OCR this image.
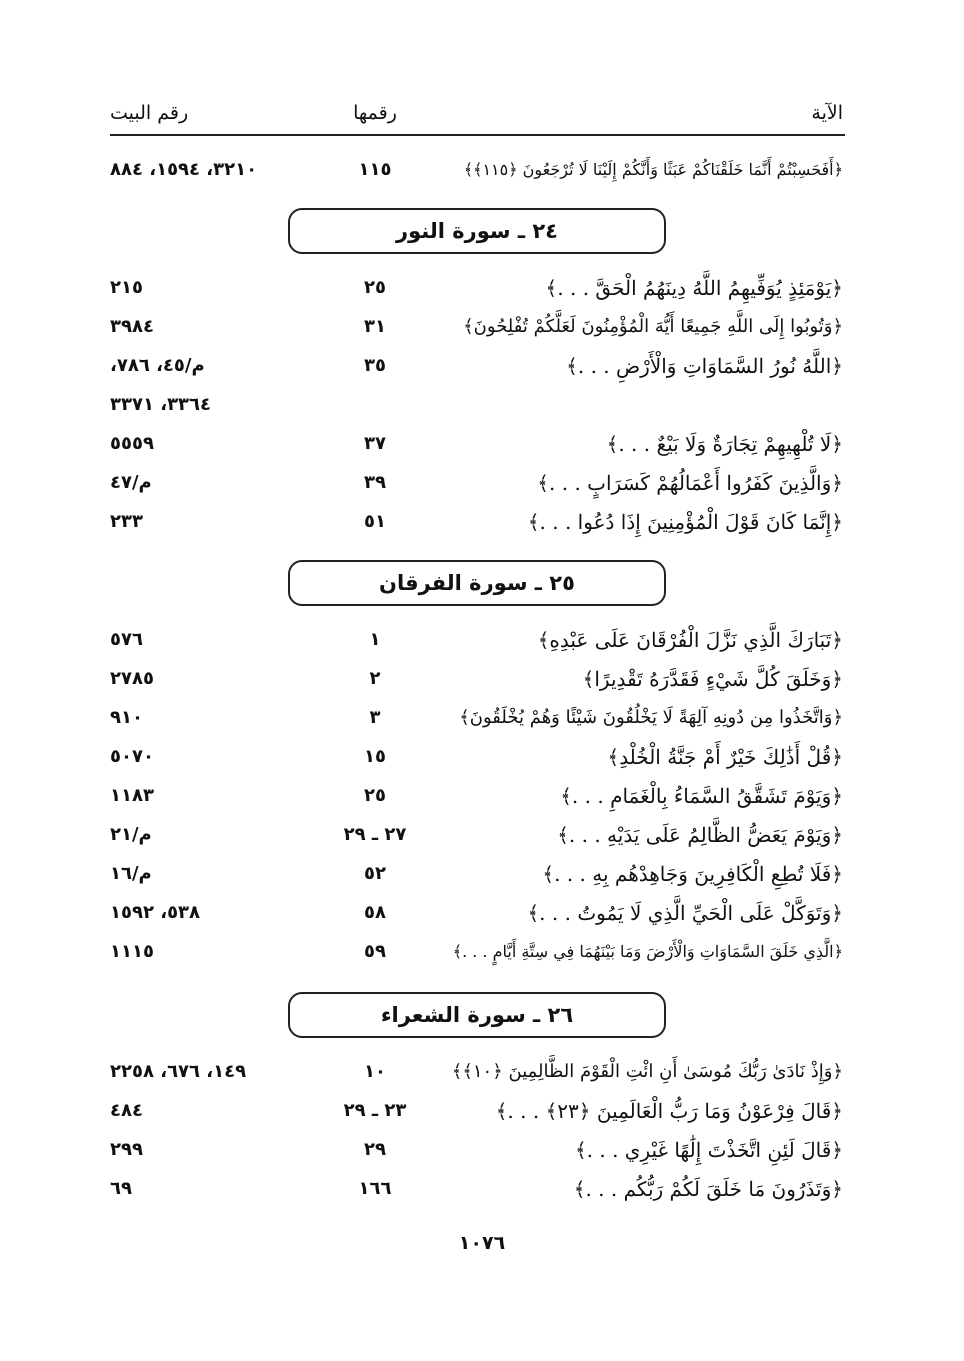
الآية
رقمها
رقم البيت
﴿أَفَحَسِبْتُمْ أَنَّمَا خَلَقْنَاكُمْ عَبَثًا وَأَنَّكُمْ إِلَيْنَا لَا تُرْجَعُونَ ﴿١١٥﴾﴾
١١٥
٣٢١٠، ١٥٩٤، ٨٨٤
٢٤ ـ سورة النور
﴿يَوْمَئِذٍ يُوَفِّيهِمُ اللَّهُ دِينَهُمُ الْحَقَّ . . .﴾
٢٥
٢١٥
﴿وَتُوبُوا إِلَى اللَّهِ جَمِيعًا أَيُّهَ الْمُؤْمِنُونَ لَعَلَّكُمْ تُفْلِحُونَ﴾
٣١
٣٩٨٤
﴿اللَّهُ نُورُ السَّمَاوَاتِ وَالْأَرْضِ . . .﴾
٣٥
م/٤٥، ٧٨٦،
٣٣٦٤، ٣٣٧١
﴿لَا تُلْهِيهِمْ تِجَارَةٌ وَلَا بَيْعٌ . . .﴾
٣٧
٥٥٥٩
﴿وَالَّذِينَ كَفَرُوا أَعْمَالُهُمْ كَسَرَابٍ . . .﴾
٣٩
م/٤٧
﴿إِنَّمَا كَانَ قَوْلَ الْمُؤْمِنِينَ إِذَا دُعُوا . . .﴾
٥١
٢٣٣
٢٥ ـ سورة الفرقان
﴿تَبَارَكَ الَّذِي نَزَّلَ الْفُرْقَانَ عَلَى عَبْدِهِ﴾
١
٥٧٦
﴿وَخَلَقَ كُلَّ شَيْءٍ فَقَدَّرَهُ تَقْدِيرًا﴾
٢
٢٧٨٥
﴿وَاتَّخَذُوا مِن دُونِهِ آلِهَةً لَا يَخْلُقُونَ شَيْئًا وَهُمْ يُخْلَقُونَ﴾
٣
٩١٠
﴿قُلْ أَذَٰلِكَ خَيْرٌ أَمْ جَنَّةُ الْخُلْدِ﴾
١٥
٥٠٧٠
﴿وَيَوْمَ تَشَقَّقُ السَّمَاءُ بِالْغَمَامِ . . .﴾
٢٥
١١٨٣
﴿وَيَوْمَ يَعَضُّ الظَّالِمُ عَلَى يَدَيْهِ . . .﴾
٢٧ ـ ٢٩
م/٢١
﴿فَلَا تُطِعِ الْكَافِرِينَ وَجَاهِدْهُم بِهِ . . .﴾
٥٢
م/١٦
﴿وَتَوَكَّلْ عَلَى الْحَيِّ الَّذِي لَا يَمُوتُ . . .﴾
٥٨
٥٣٨، ١٥٩٢
﴿الَّذِي خَلَقَ السَّمَاوَاتِ وَالْأَرْضَ وَمَا بَيْنَهُمَا فِي سِتَّةِ أَيَّامٍ . . .﴾
٥٩
١١١٥
٢٦ ـ سورة الشعراء
﴿وَإِذْ نَادَىٰ رَبُّكَ مُوسَىٰ أَنِ ائْتِ الْقَوْمَ الظَّالِمِينَ ﴿١٠﴾﴾
١٠
١٤٩، ٦٧٦، ٢٢٥٨
﴿قَالَ فِرْعَوْنُ وَمَا رَبُّ الْعَالَمِينَ ﴿٢٣﴾ . . .﴾
٢٣ ـ ٢٩
٤٨٤
﴿قَالَ لَئِنِ اتَّخَذْتَ إِلَٰهًا غَيْرِي . . .﴾
٢٩
٢٩٩
﴿وَتَذَرُونَ مَا خَلَقَ لَكُمْ رَبُّكُم . . .﴾
١٦٦
٦٩
١٠٧٦
